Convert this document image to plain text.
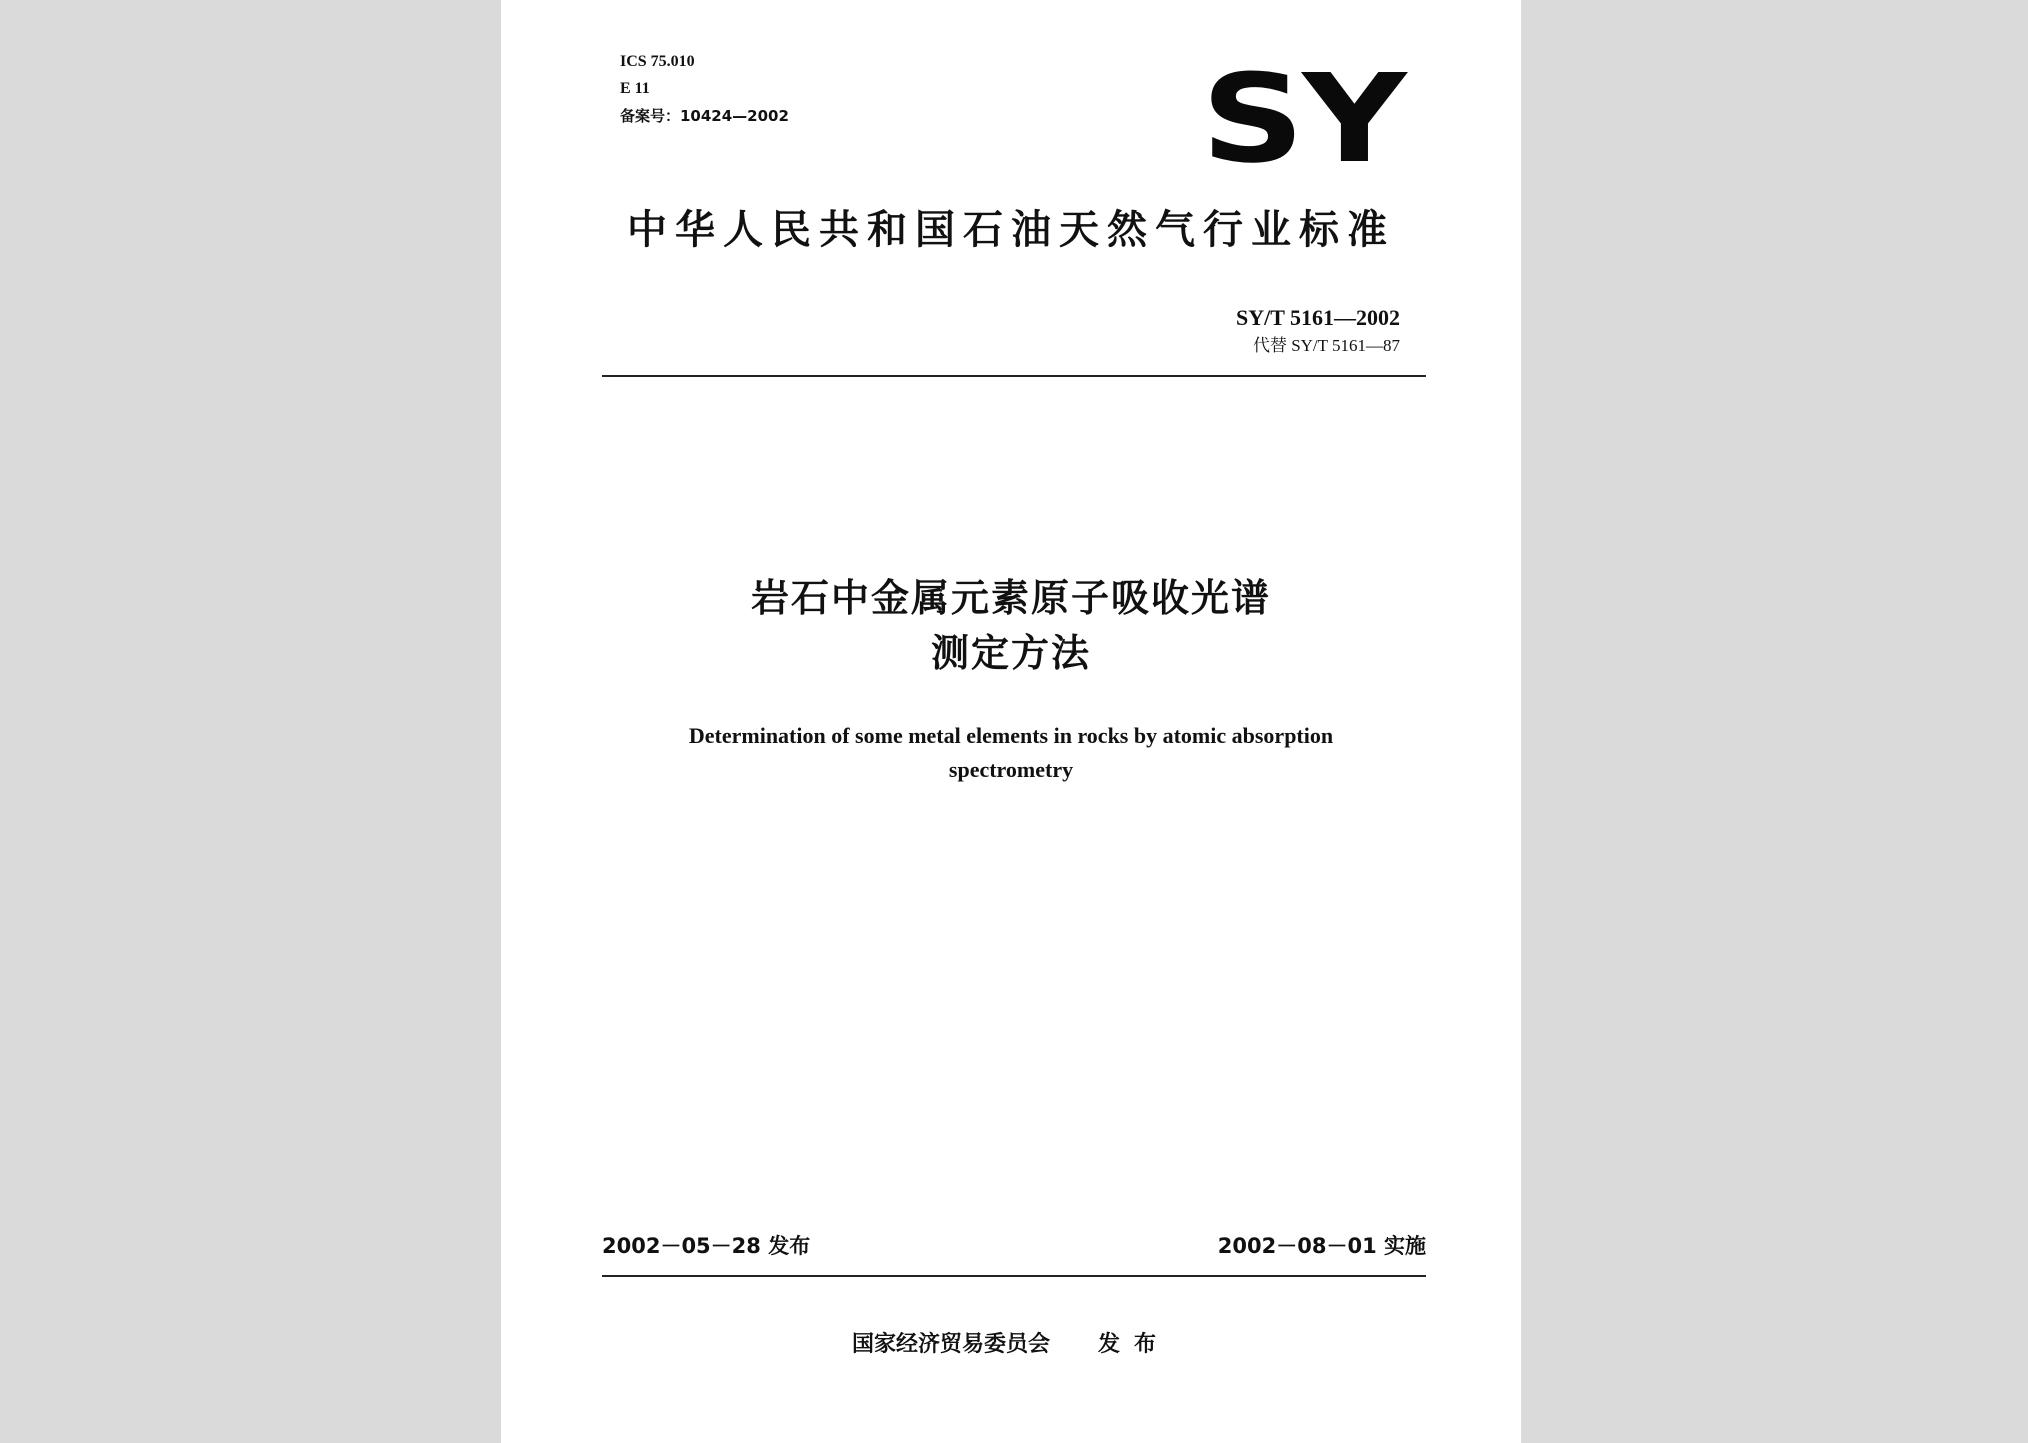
ICS 75.010
E 11
备案号：10424—2002	SY
中华人民共和国石油天然气行业标准
SY/T 5161—2002
代替 SY/T 5161—87
岩石中金属元素原子吸收光谱
测定方法
Determination of some metal elements in rocks by atomic absorption
spectrometry
2002－05－28 发布	2002－08－01 实施
国家经济贸易委员会 发布
